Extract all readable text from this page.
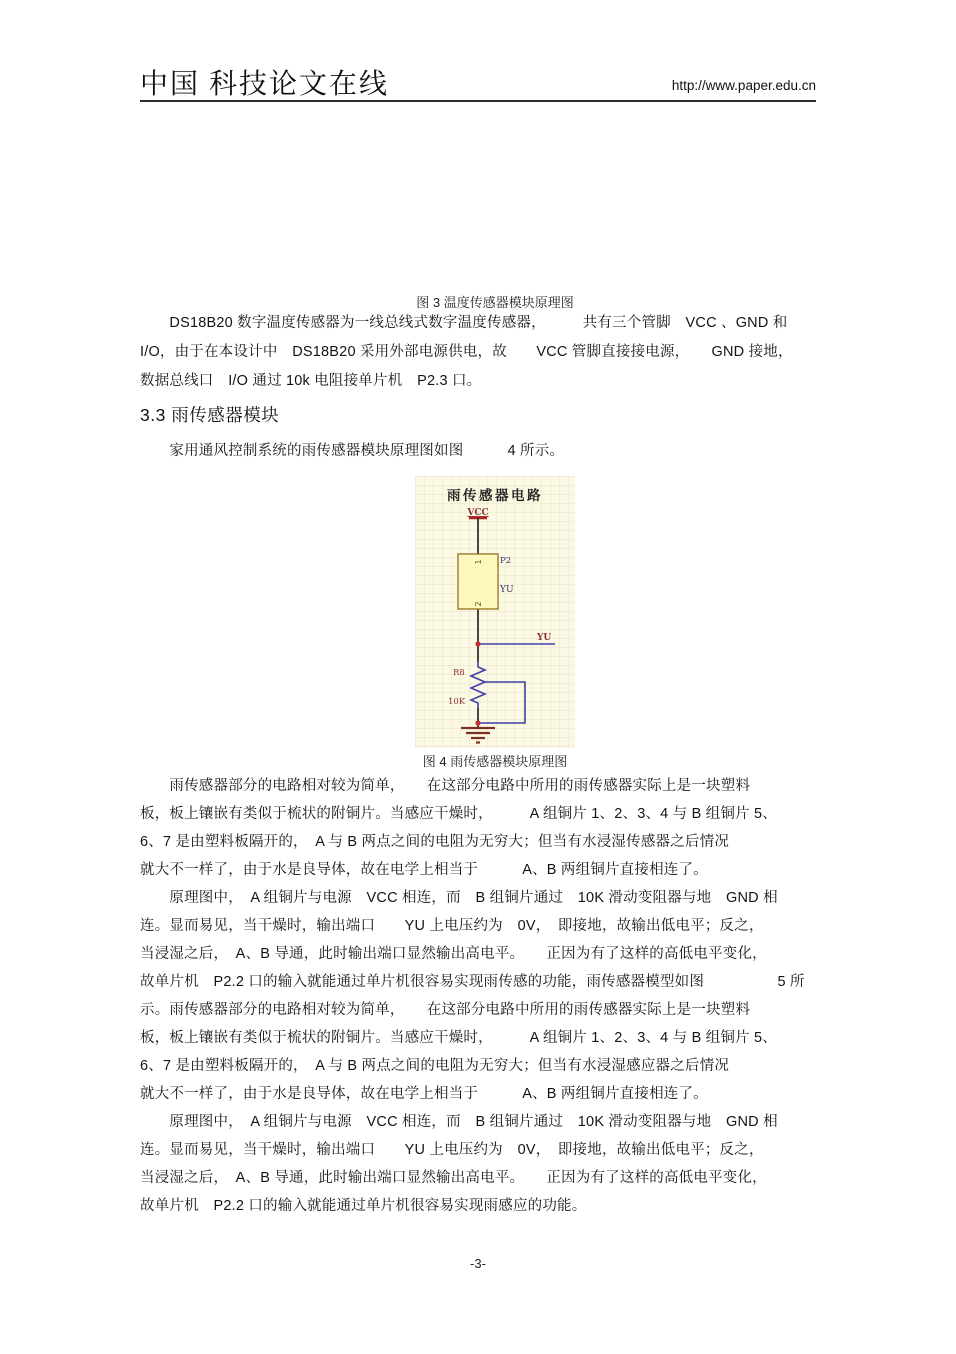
中国 科技论文在线	http://www.paper.edu.cn
图 3 温度传感器模块原理图
　　DS18B20 数字温度传感器为一线总线式数字温度传感器，　　　共有三个管脚　VCC 、GND 和
I/O，由于在本设计中　DS18B20 采用外部电源供电，故　　VCC 管脚直接接电源，　　GND 接地，
数据总线口　I/O 通过 10k 电阻接单片机　P2.3 口。
3.3 雨传感器模块
　　家用通风控制系统的雨传感器模块原理图如图　　　4 所示。
雨传感器电路
VCC
1
2
P2
YU
YU
R8
10K
图 4 雨传感器模块原理图
　　雨传感器部分的电路相对较为简单，　　在这部分电路中所用的雨传感器实际上是一块塑料
板，板上镶嵌有类似于梳状的附铜片。当感应干燥时，　　　A 组铜片 1、2、3、4 与 B 组铜片 5、
6、7 是由塑料板隔开的，　A 与 B 两点之间的电阻为无穷大；但当有水浸湿传感器之后情况
就大不一样了，由于水是良导体，故在电学上相当于　　　A、B 两组铜片直接相连了。
　　原理图中，　A 组铜片与电源　VCC 相连，而　B 组铜片通过　10K 滑动变阻器与地　GND 相
连。显而易见，当干燥时，输出端口　　YU 上电压约为　0V，　即接地，故输出低电平；反之，
当浸湿之后，　A、B 导通，此时输出端口显然输出高电平。　　正因为有了这样的高低电平变化，
故单片机　P2.2 口的输入就能通过单片机很容易实现雨传感的功能，雨传感器模型如图　　　　　5 所
示。雨传感器部分的电路相对较为简单，　　在这部分电路中所用的雨传感器实际上是一块塑料
板，板上镶嵌有类似于梳状的附铜片。当感应干燥时，　　　A 组铜片 1、2、3、4 与 B 组铜片 5、
6、7 是由塑料板隔开的，　A 与 B 两点之间的电阻为无穷大；但当有水浸湿感应器之后情况
就大不一样了，由于水是良导体，故在电学上相当于　　　A、B 两组铜片直接相连了。
　　原理图中，　A 组铜片与电源　VCC 相连，而　B 组铜片通过　10K 滑动变阻器与地　GND 相
连。显而易见，当干燥时，输出端口　　YU 上电压约为　0V，　即接地，故输出低电平；反之，
当浸湿之后，　A、B 导通，此时输出端口显然输出高电平。　　正因为有了这样的高低电平变化，
故单片机　P2.2 口的输入就能通过单片机很容易实现雨感应的功能。
-3-
